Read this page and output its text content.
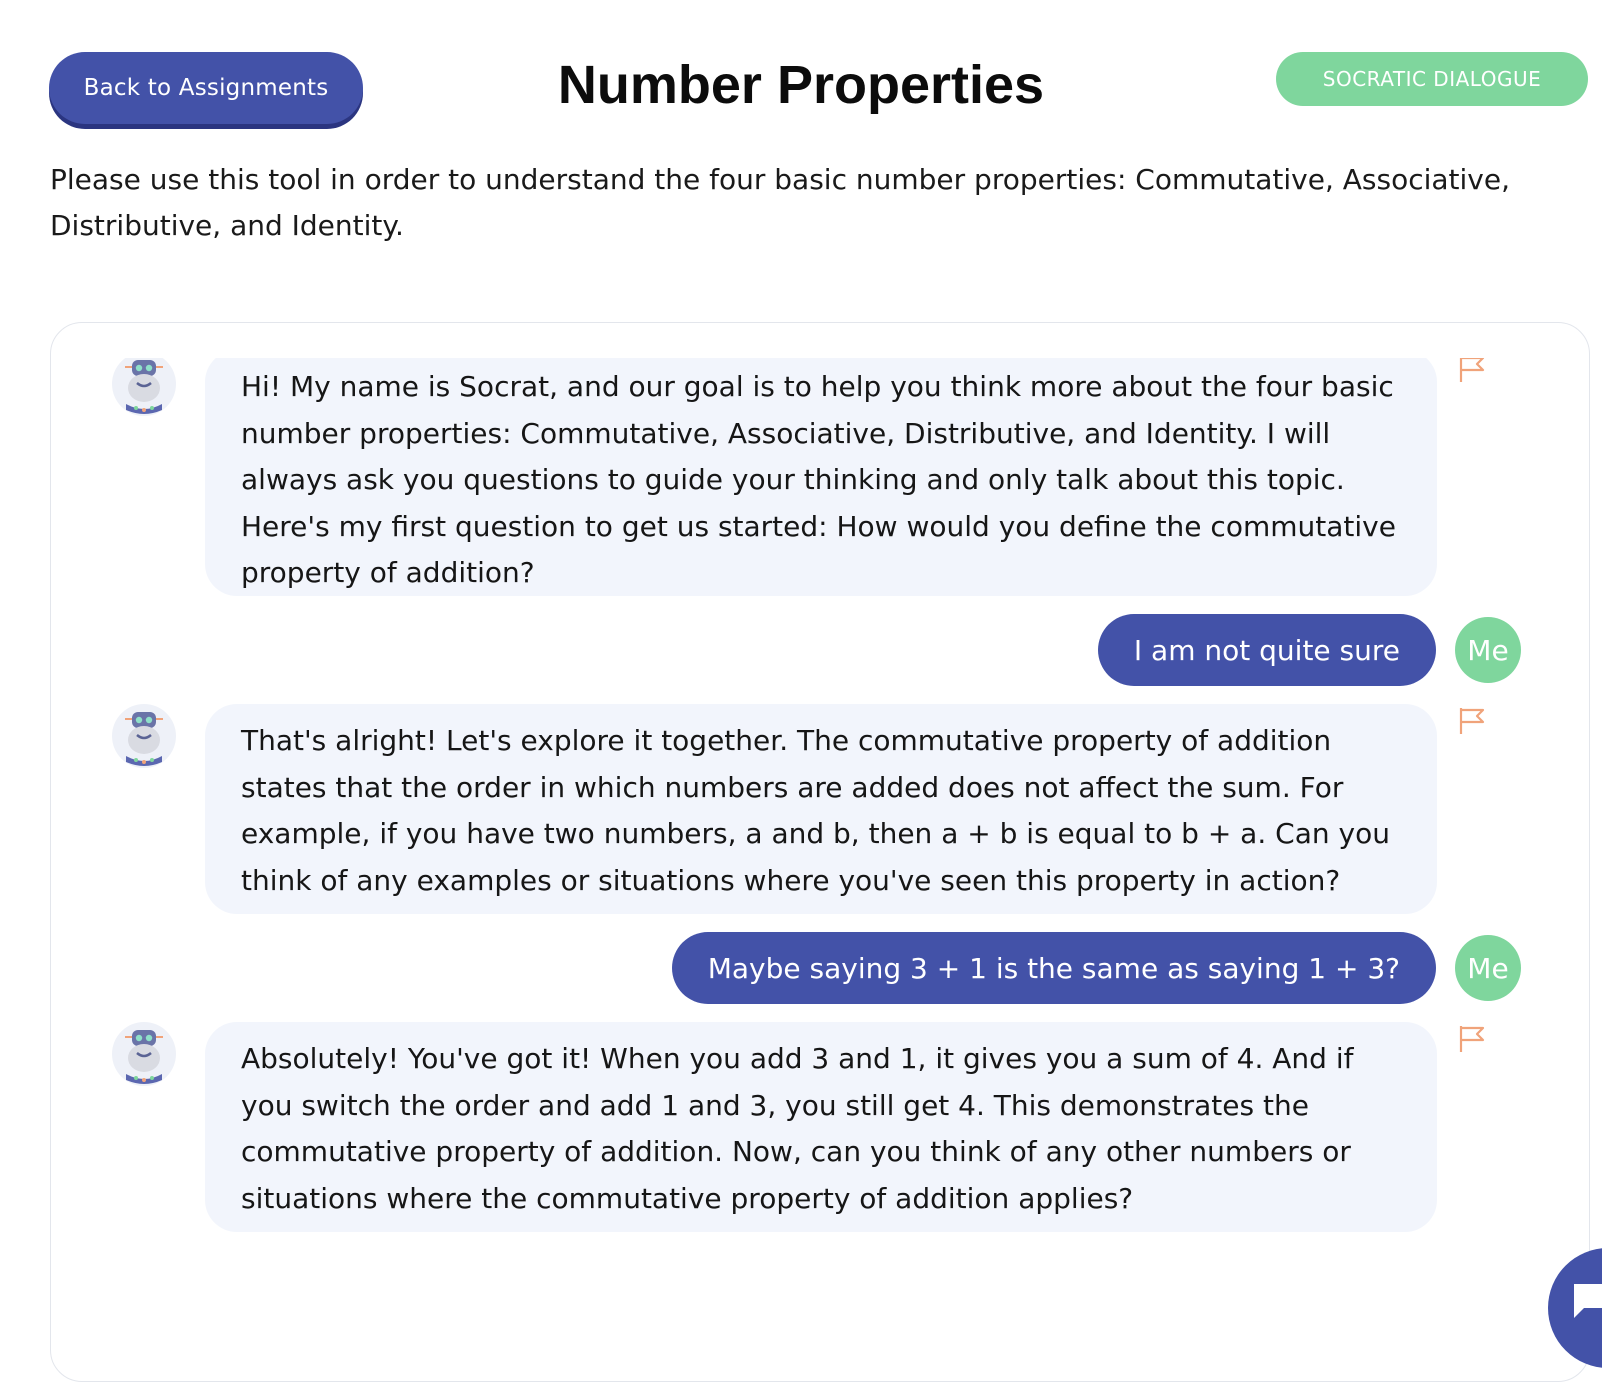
Back to Assignments	Number Properties	SOCRATIC DIALOGUE

Please use this tool in order to understand the four basic number properties: Commutative, Associative, Distributive, and Identity.

Hi! My name is Socrat, and our goal is to help you think more about the four basic number properties: Commutative, Associative, Distributive, and Identity. I will always ask you questions to guide your thinking and only talk about this topic. Here's my first question to get us started: How would you define the commutative property of addition?
I am not quite sure	Me
That's alright! Let's explore it together. The commutative property of addition states that the order in which numbers are added does not affect the sum. For example, if you have two numbers, a and b, then a + b is equal to b + a. Can you think of any examples or situations where you've seen this property in action?
Maybe saying 3 + 1 is the same as saying 1 + 3?	Me
Absolutely! You've got it! When you add 3 and 1, it gives you a sum of 4. And if you switch the order and add 1 and 3, you still get 4. This demonstrates the commutative property of addition. Now, can you think of any other numbers or situations where the commutative property of addition applies?
